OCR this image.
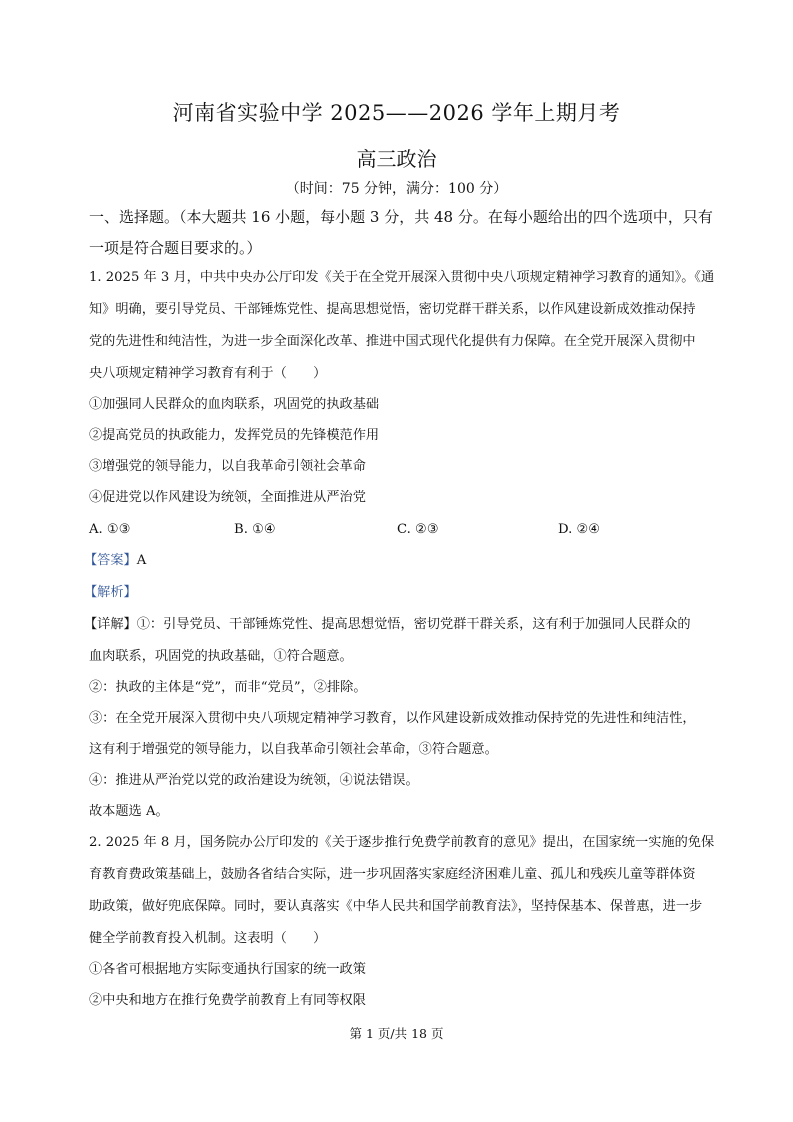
河南省实验中学 2025——2026 学年上期月考
高三政治
（时间：75 分钟，满分：100 分）
一、选择题。（本大题共 16 小题，每小题 3 分，共 48 分。在每小题给出的四个选项中，只有
一项是符合题目要求的。）
1. 2025 年 3 月，中共中央办公厅印发《关于在全党开展深入贯彻中央八项规定精神学习教育的通知》。《通
知》明确，要引导党员、干部锤炼党性、提高思想觉悟，密切党群干群关系，以作风建设新成效推动保持
党的先进性和纯洁性，为进一步全面深化改革、推进中国式现代化提供有力保障。在全党开展深入贯彻中
央八项规定精神学习教育有利于（　　）
①加强同人民群众的血肉联系，巩固党的执政基础
②提高党员的执政能力，发挥党员的先锋模范作用
③增强党的领导能力，以自我革命引领社会革命
④促进党以作风建设为统领，全面推进从严治党
A. ①③	B. ①④	C. ②③	D. ②④
【答案】A
【解析】
【详解】①：引导党员、干部锤炼党性、提高思想觉悟，密切党群干群关系，这有利于加强同人民群众的
血肉联系，巩固党的执政基础，①符合题意。
②：执政的主体是“党”，而非“党员”，②排除。
③：在全党开展深入贯彻中央八项规定精神学习教育，以作风建设新成效推动保持党的先进性和纯洁性，
这有利于增强党的领导能力，以自我革命引领社会革命，③符合题意。
④：推进从严治党以党的政治建设为统领，④说法错误。
故本题选 A。
2. 2025 年 8 月，国务院办公厅印发的《关于逐步推行免费学前教育的意见》提出，在国家统一实施的免保
育教育费政策基础上，鼓励各省结合实际，进一步巩固落实家庭经济困难儿童、孤儿和残疾儿童等群体资
助政策，做好兜底保障。同时，要认真落实《中华人民共和国学前教育法》，坚持保基本、保普惠，进一步
健全学前教育投入机制。这表明（　　）
①各省可根据地方实际变通执行国家的统一政策
②中央和地方在推行免费学前教育上有同等权限
第 1 页/共 18 页
